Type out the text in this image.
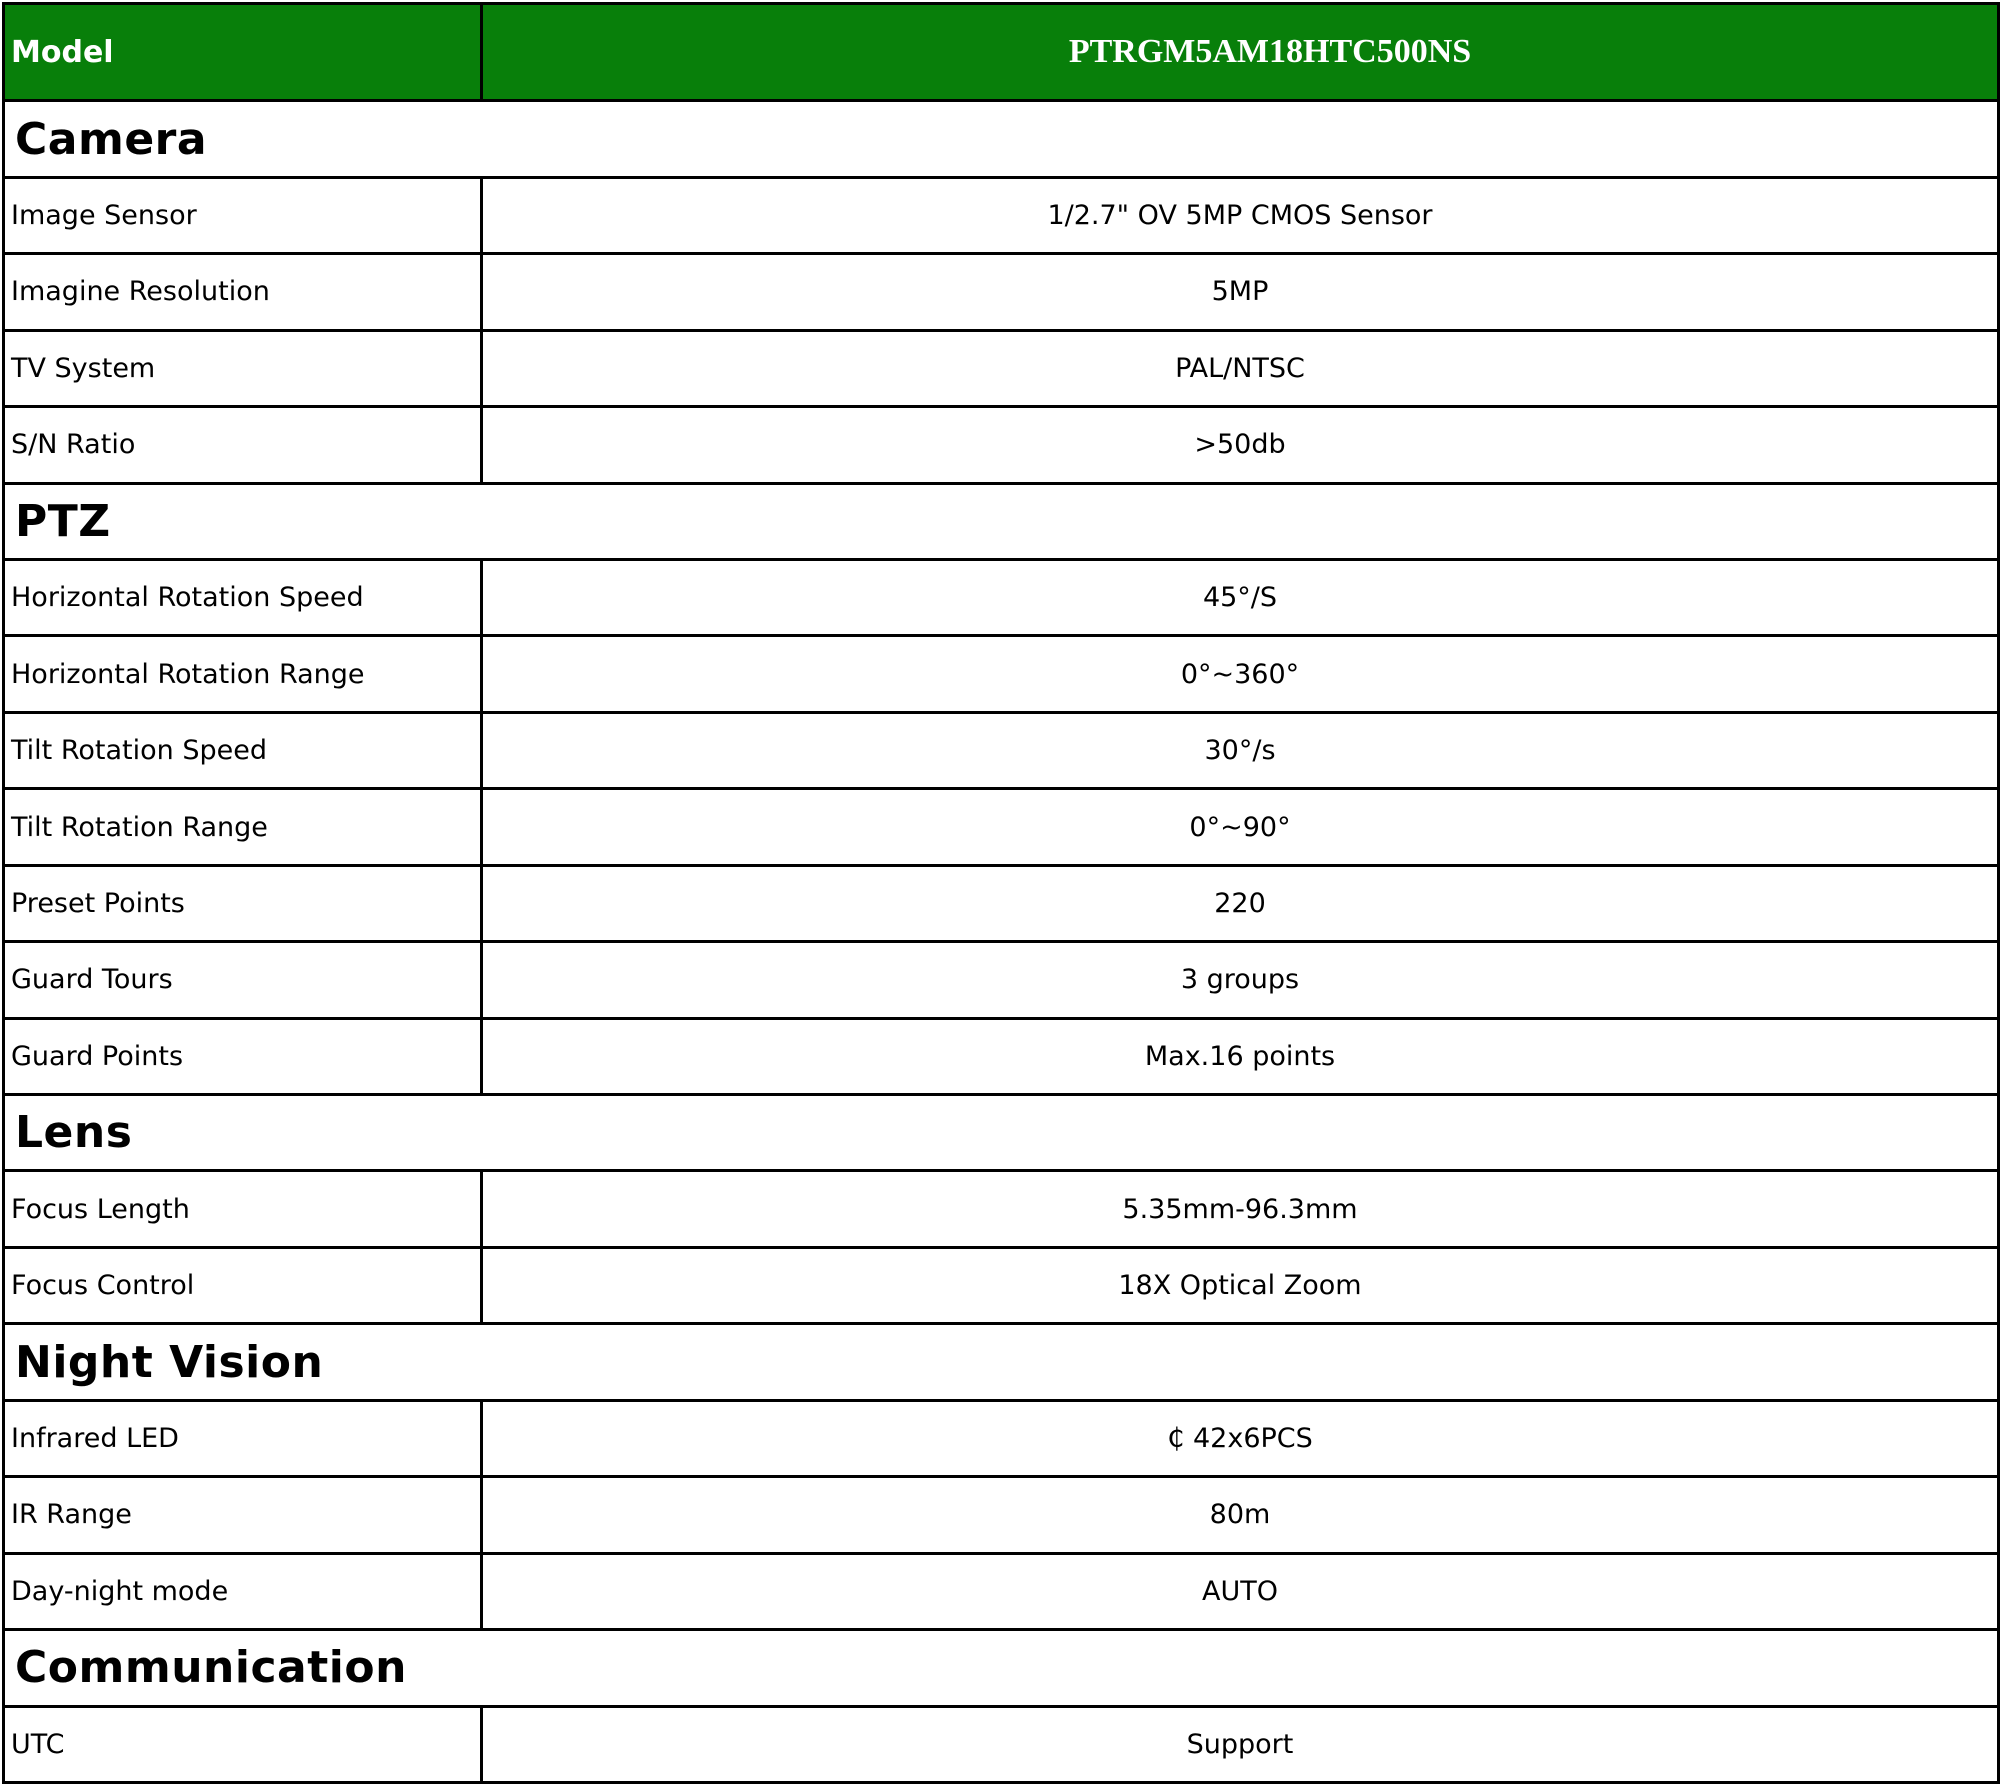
Model	PTRGM5AM18HTC500NS
Camera	
Image Sensor	1/2.7" OV 5MP CMOS Sensor
Imagine Resolution	5MP
TV System	PAL/NTSC
S/N Ratio	>50db
PTZ	
Horizontal Rotation Speed	45°/S
Horizontal Rotation Range	0°~360°
Tilt Rotation Speed	30°/s
Tilt Rotation Range	0°~90°
Preset Points	220
Guard Tours	3 groups
Guard Points	Max.16 points
Lens	
Focus Length	5.35mm-96.3mm
Focus Control	18X Optical Zoom
Night Vision	
Infrared LED	₵ 42x6PCS
IR Range	80m
Day-night mode	AUTO
Communication	
UTC	Support
